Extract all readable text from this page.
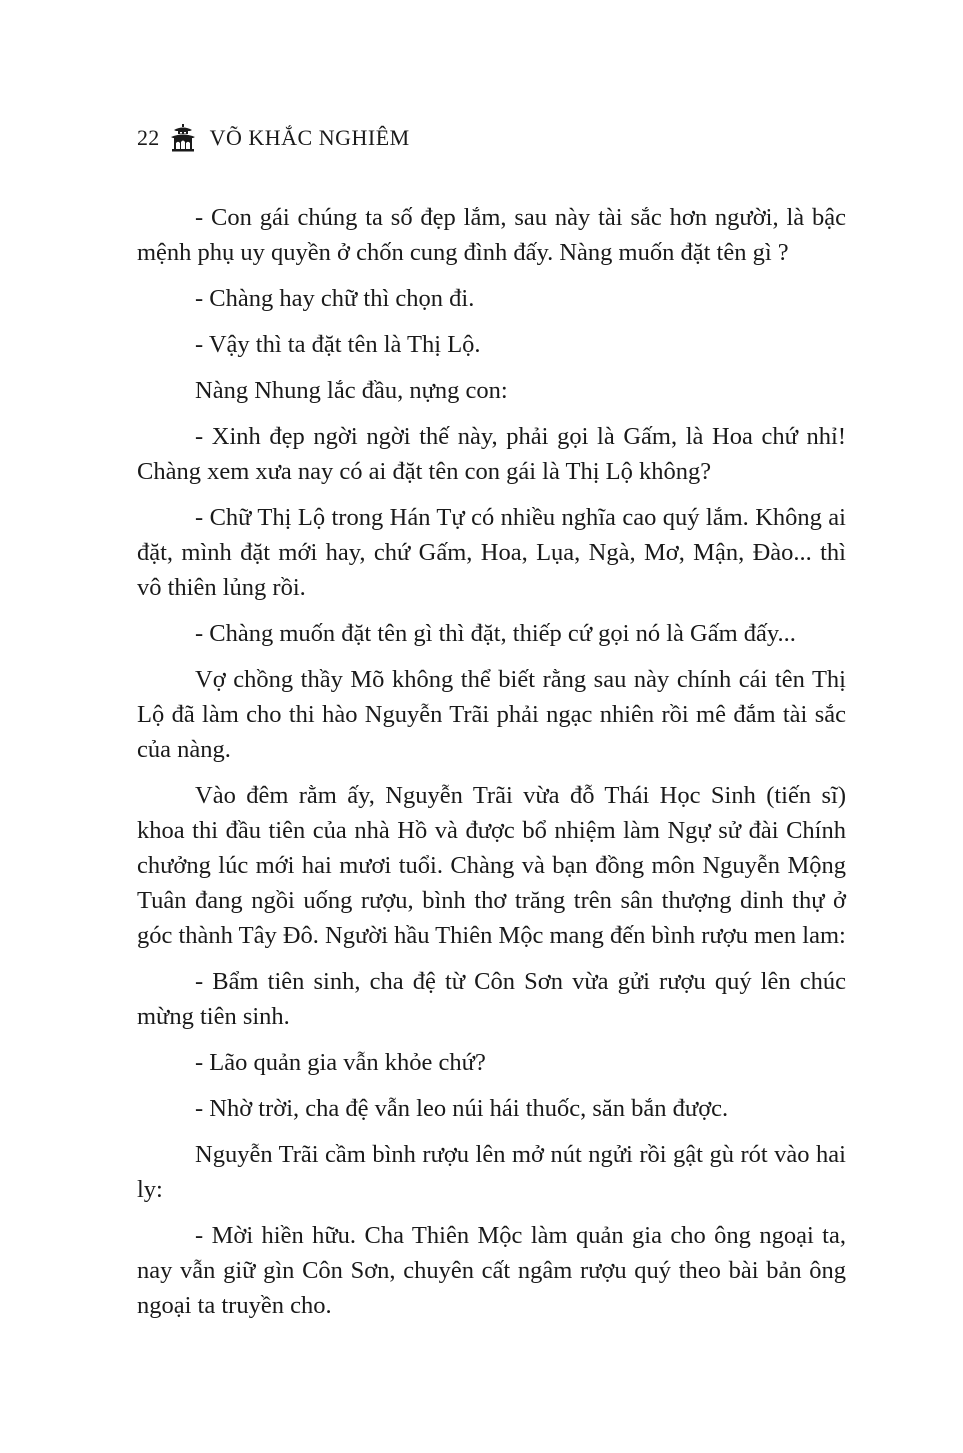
22 VÕ KHẮC NGHIÊM

- Con gái chúng ta số đẹp lắm, sau này tài sắc hơn người, là bậc mệnh phụ uy quyền ở chốn cung đình đấy. Nàng muốn đặt tên gì ?

- Chàng hay chữ thì chọn đi.

- Vậy thì ta đặt tên là Thị Lộ.

Nàng Nhung lắc đầu, nựng con:

- Xinh đẹp ngời ngời thế này, phải gọi là Gấm, là Hoa chứ nhỉ! Chàng xem xưa nay có ai đặt tên con gái là Thị Lộ không?

- Chữ Thị Lộ trong Hán Tự có nhiều nghĩa cao quý lắm. Không ai đặt, mình đặt mới hay, chứ Gấm, Hoa, Lụa, Ngà, Mơ, Mận, Đào... thì vô thiên lủng rồi.

- Chàng muốn đặt tên gì thì đặt, thiếp cứ gọi nó là Gấm đấy...

Vợ chồng thầy Mõ không thể biết rằng sau này chính cái tên Thị Lộ đã làm cho thi hào Nguyễn Trãi phải ngạc nhiên rồi mê đắm tài sắc của nàng.

Vào đêm rằm ấy, Nguyễn Trãi vừa đỗ Thái Học Sinh (tiến sĩ) khoa thi đầu tiên của nhà Hồ và được bổ nhiệm làm Ngự sử đài Chính chưởng lúc mới hai mươi tuổi. Chàng và bạn đồng môn Nguyễn Mộng Tuân đang ngồi uống rượu, bình thơ trăng trên sân thượng dinh thự ở góc thành Tây Đô. Người hầu Thiên Mộc mang đến bình rượu men lam:

- Bẩm tiên sinh, cha đệ từ Côn Sơn vừa gửi rượu quý lên chúc mừng tiên sinh.

- Lão quản gia vẫn khỏe chứ?

- Nhờ trời, cha đệ vẫn leo núi hái thuốc, săn bắn được.

Nguyễn Trãi cầm bình rượu lên mở nút ngửi rồi gật gù rót vào hai ly:

- Mời hiền hữu. Cha Thiên Mộc làm quản gia cho ông ngoại ta, nay vẫn giữ gìn Côn Sơn, chuyên cất ngâm rượu quý theo bài bản ông ngoại ta truyền cho.
